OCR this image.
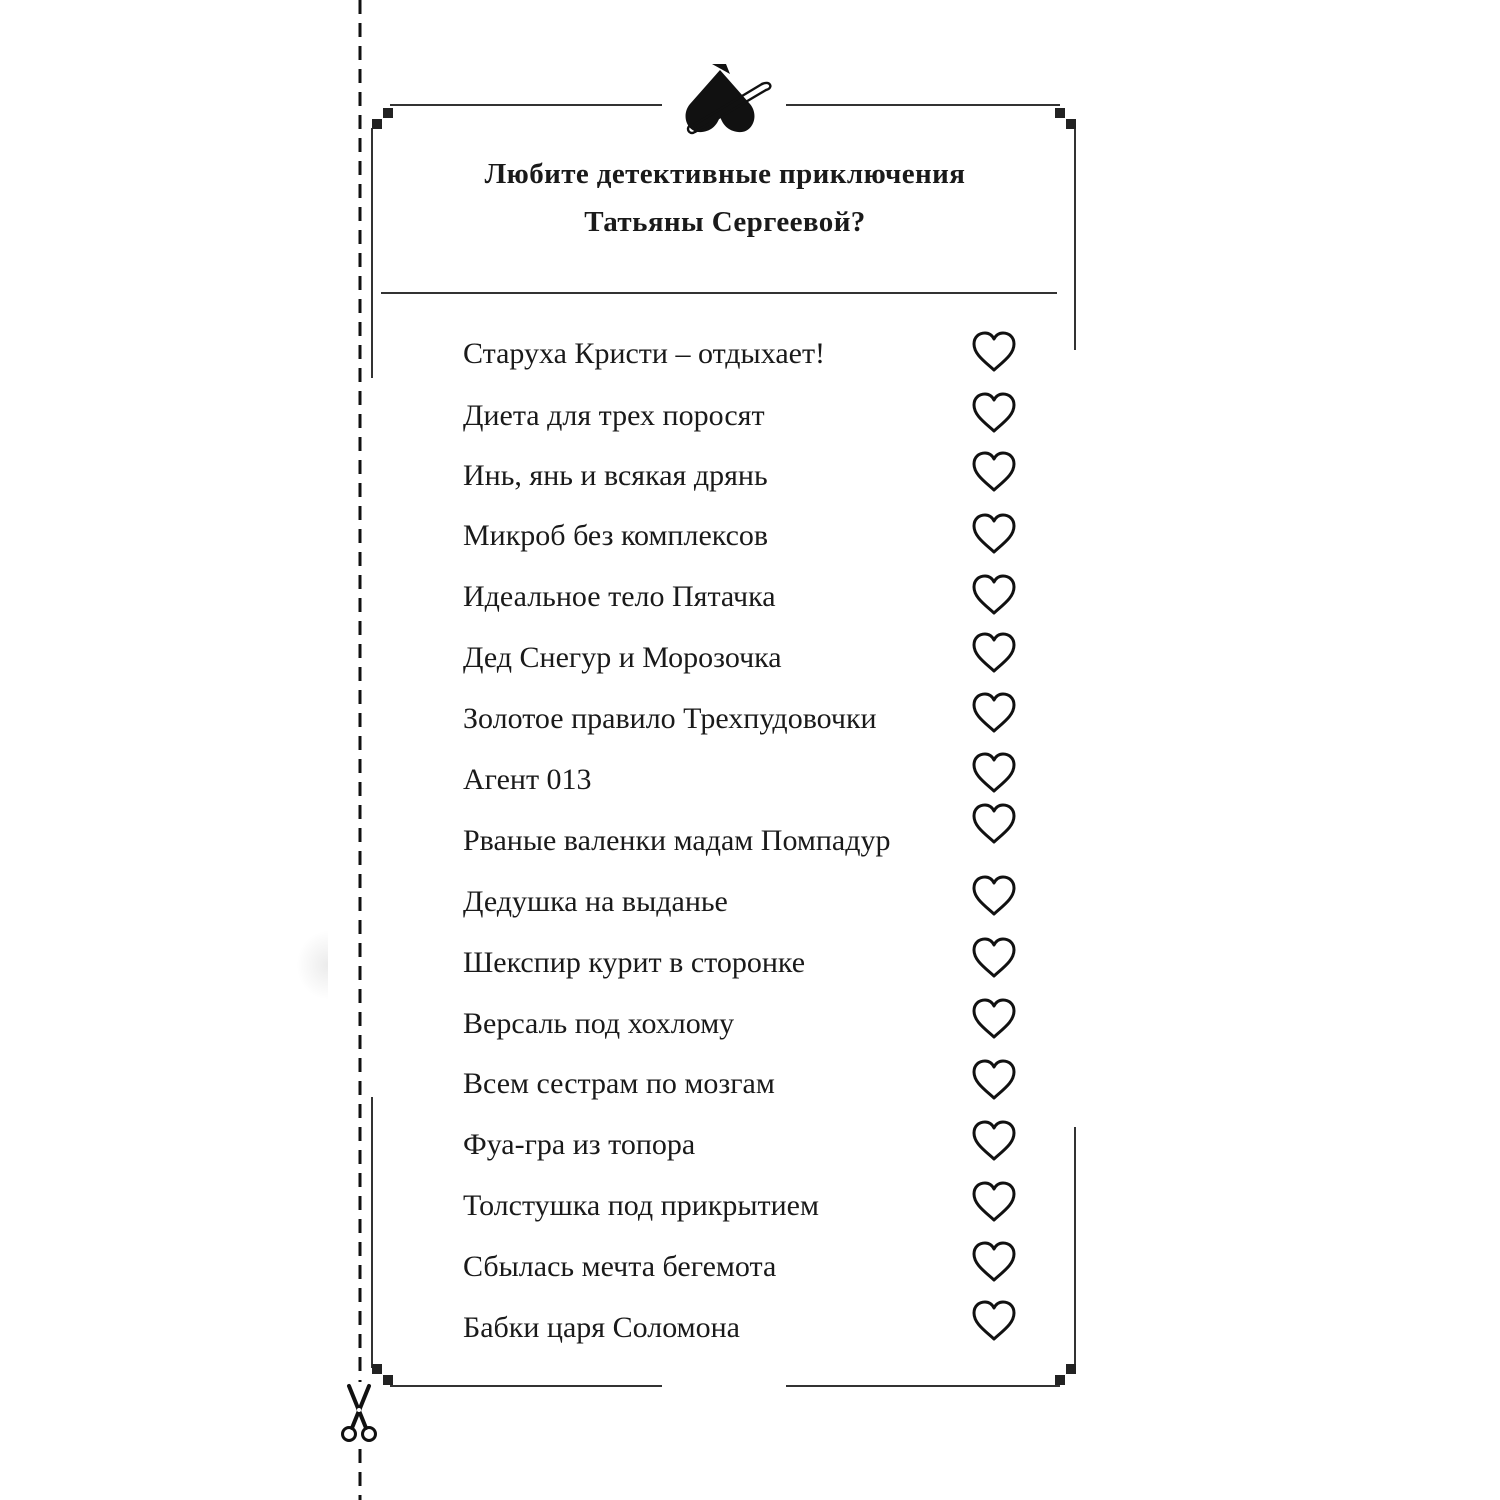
Любите детективные приключения
Татьяны Сергеевой?
Старуха Кристи – отдыхает!
Диета для трех поросят
Инь, янь и всякая дрянь
Микроб без комплексов
Идеальное тело Пятачка
Дед Снегур и Морозочка
Золотое правило Трехпудовочки
Агент 013
Рваные валенки мадам Помпадур
Дедушка на выданье
Шекспир курит в сторонке
Версаль под хохлому
Всем сестрам по мозгам
Фуа-гра из топора
Толстушка под прикрытием
Сбылась мечта бегемота
Бабки царя Соломона
